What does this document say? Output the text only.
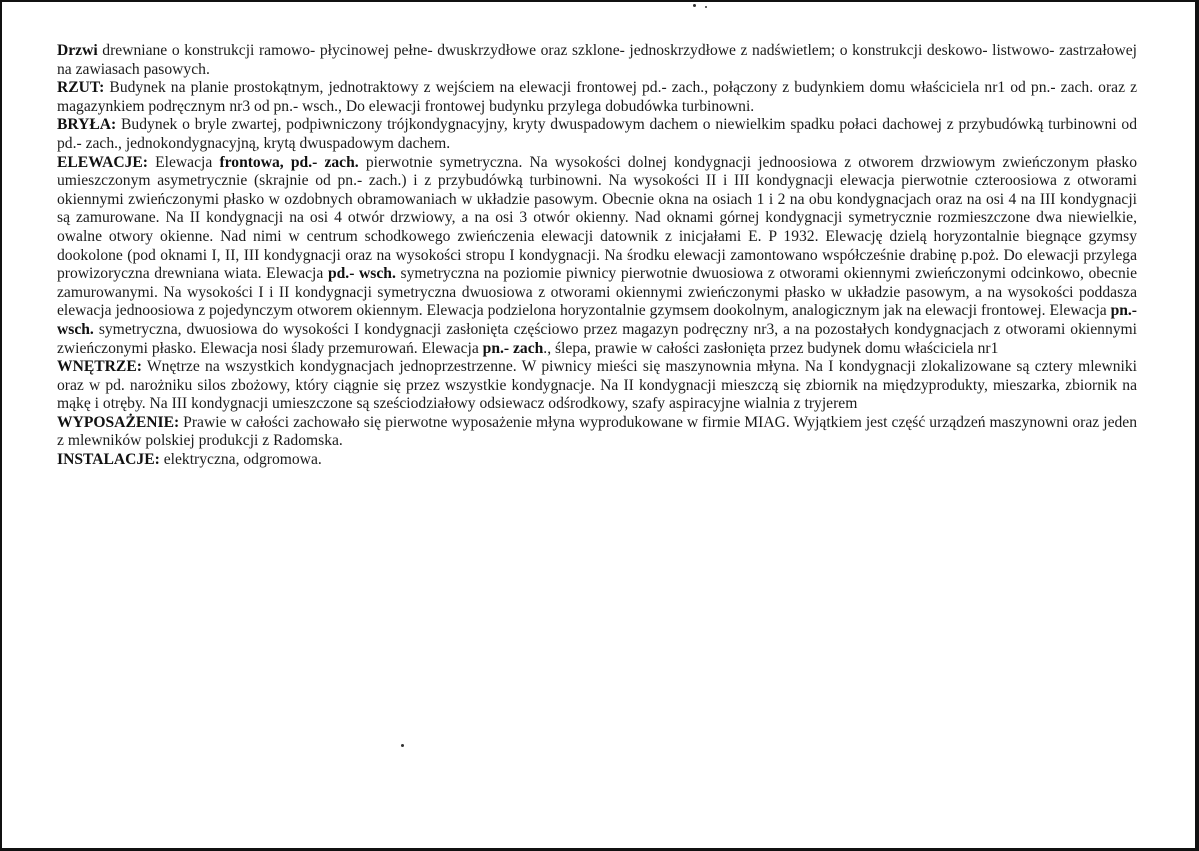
Drzwi drewniane o konstrukcji ramowo- płycinowej pełne- dwuskrzydłowe oraz szklone- jednoskrzydłowe z nadświetlem; o konstrukcji deskowo- listwowo- zastrzałowej na zawiasach pasowych.

RZUT: Budynek na planie prostokątnym, jednotraktowy z wejściem na elewacji frontowej pd.- zach., połączony z budynkiem domu właściciela nr1 od pn.- zach. oraz z magazynkiem podręcznym nr3 od pn.- wsch., Do elewacji frontowej budynku przylega dobudówka turbinowni.

BRYŁA: Budynek o bryle zwartej, podpiwniczony trójkondygnacyjny, kryty dwuspadowym dachem o niewielkim spadku połaci dachowej z przybudówką turbinowni od pd.- zach., jednokondygnacyjną, krytą dwuspadowym dachem.

ELEWACJE: Elewacja frontowa, pd.- zach. pierwotnie symetryczna. Na wysokości dolnej kondygnacji jednoosiowa z otworem drzwiowym zwieńczonym płasko umieszczonym asymetrycznie (skrajnie od pn.- zach.) i z przybudówką turbinowni. Na wysokości II i III kondygnacji elewacja pierwotnie czteroosiowa z otworami okiennymi zwieńczonymi płasko w ozdobnych obramowaniach w układzie pasowym. Obecnie okna na osiach 1 i 2 na obu kondygnacjach oraz na osi 4 na III kondygnacji są zamurowane. Na II kondygnacji na osi 4 otwór drzwiowy, a na osi 3 otwór okienny. Nad oknami górnej kondygnacji symetrycznie rozmieszczone dwa niewielkie, owalne otwory okienne. Nad nimi w centrum schodkowego zwieńczenia elewacji datownik z inicjałami E. P 1932. Elewację dzielą horyzontalnie biegnące gzymsy dookolone (pod oknami I, II, III kondygnacji oraz na wysokości stropu I kondygnacji. Na środku elewacji zamontowano współcześnie drabinę p.poż. Do elewacji przylega prowizoryczna drewniana wiata. Elewacja pd.- wsch. symetryczna na poziomie piwnicy pierwotnie dwuosiowa z otworami okiennymi zwieńczonymi odcinkowo, obecnie zamurowanymi. Na wysokości I i II kondygnacji symetryczna dwuosiowa z otworami okiennymi zwieńczonymi płasko w układzie pasowym, a na wysokości poddasza elewacja jednoosiowa z pojedynczym otworem okiennym. Elewacja podzielona horyzontalnie gzymsem dookolnym, analogicznym jak na elewacji frontowej. Elewacja pn.- wsch. symetryczna, dwuosiowa do wysokości I kondygnacji zasłonięta częściowo przez magazyn podręczny nr3, a na pozostałych kondygnacjach z otworami okiennymi zwieńczonymi płasko. Elewacja nosi ślady przemurowań. Elewacja pn.- zach., ślepa, prawie w całości zasłonięta przez budynek domu właściciela nr1

WNĘTRZE: Wnętrze na wszystkich kondygnacjach jednoprzestrzenne. W piwnicy mieści się maszynownia młyna. Na I kondygnacji zlokalizowane są cztery mlewniki oraz w pd. narożniku silos zbożowy, który ciągnie się przez wszystkie kondygnacje. Na II kondygnacji mieszczą się zbiornik na międzyprodukty, mieszarka, zbiornik na mąkę i otręby. Na III kondygnacji umieszczone są sześciodziałowy odsiewacz odśrodkowy, szafy aspiracyjne wialnia z tryjerem

WYPOSAŻENIE: Prawie w całości zachowało się pierwotne wyposażenie młyna wyprodukowane w firmie MIAG. Wyjątkiem jest część urządzeń maszynowni oraz jeden z mlewników polskiej produkcji z Radomska.

INSTALACJE: elektryczna, odgromowa.
